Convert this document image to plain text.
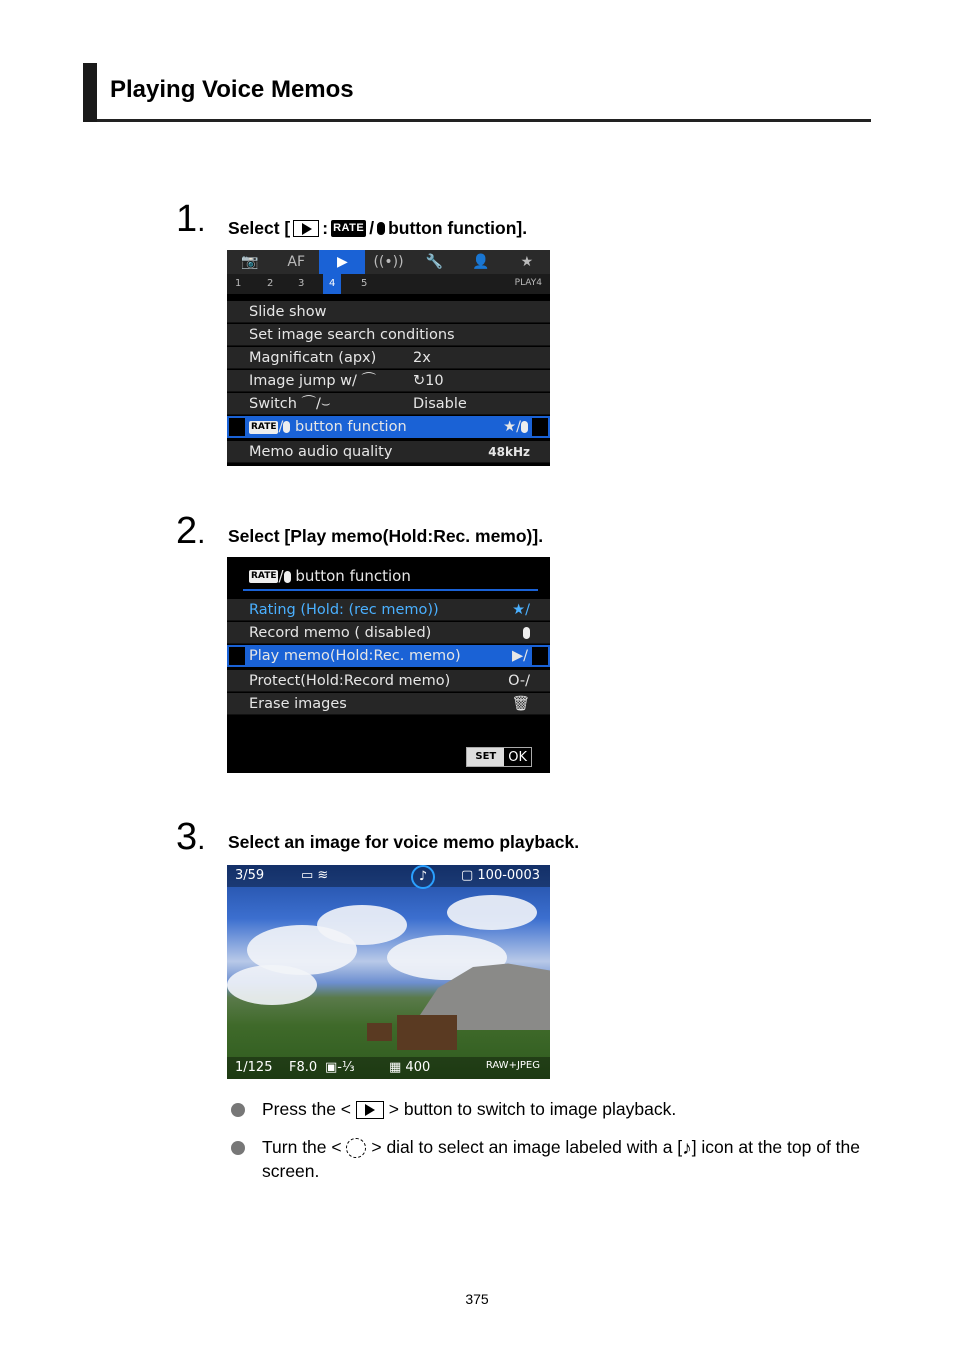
Playing Voice Memos
1. Select [ : RATE / button function].
📷	AF	▶	((•))	🔧	👤	★
1	2 3	4	5	PLAY4
Slide show
Set image search conditions
Magnificatn (apx)	2x
Image jump w/ ⌒	↻10
Switch ⌒/⌣	Disable
RATE / button function	★/
Memo audio quality	48kHz
2. Select [Play memo(Hold:Rec. memo)].
RATE / button function
Rating (Hold: (rec memo))	★/
Record memo ( disabled)
Play memo(Hold:Rec. memo)	▶/
Protect(Hold:Record memo)	O-/
Erase images	🗑
SET OK
3. Select an image for voice memo playback.
3/59	▭ ≋	▢ 100-0003
♪
1/125 F8.0 ▣-⅓	▦ 400	RAW+JPEG
Press the < > button to switch to image playback.
Turn the < > dial to select an image labeled with a [♪] icon at the top of the screen.
375
